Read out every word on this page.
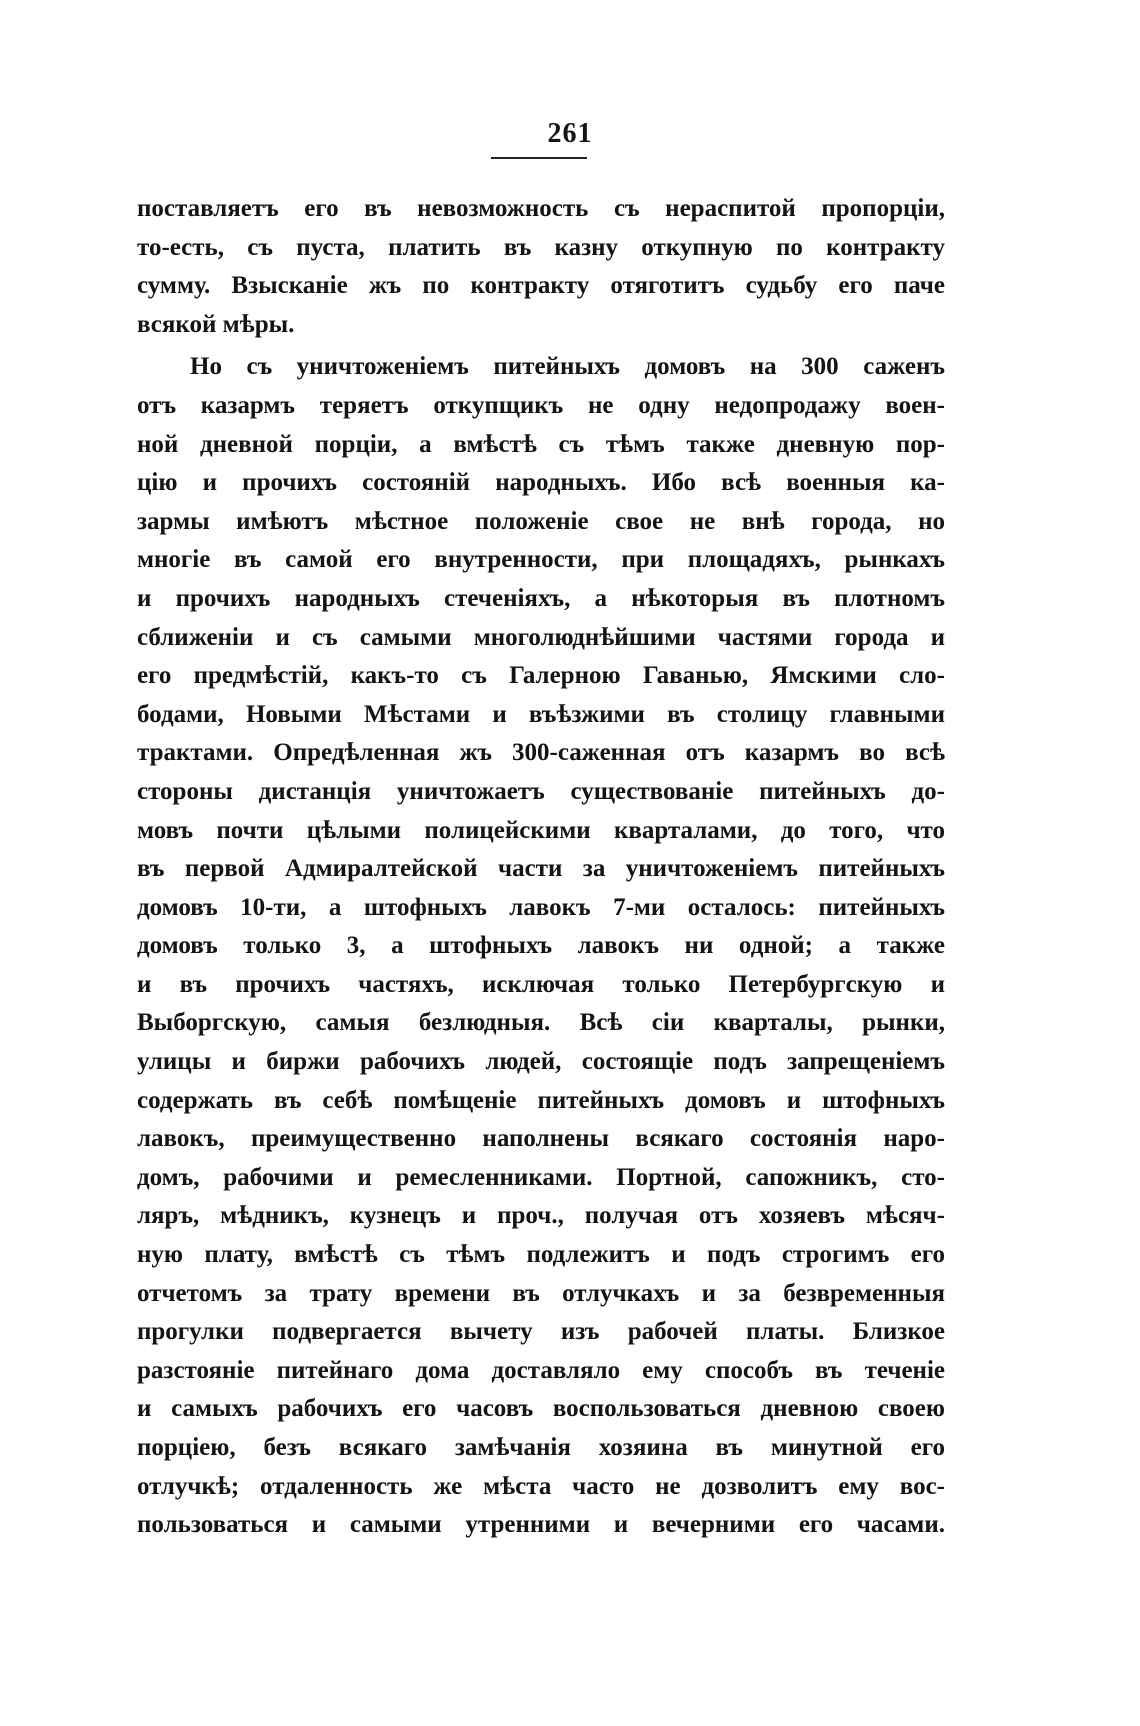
261
поставляетъ его въ невозможность съ нераспитой пропорціи,
то-есть, съ пуста, платить въ казну откупную по контракту
сумму. Взысканіе жъ по контракту отяготитъ судьбу его паче
всякой мѣры.
Но съ уничтоженіемъ питейныхъ домовъ на 300 саженъ
отъ казармъ теряетъ откупщикъ не одну недопродажу воен-
ной дневной порціи, а вмѣстѣ съ тѣмъ также дневную пор-
цію и прочихъ состояній народныхъ. Ибо всѣ военныя ка-
зармы имѣютъ мѣстное положеніе свое не внѣ города, но
многіе въ самой его внутренности, при площадяхъ, рынкахъ
и прочихъ народныхъ стеченіяхъ, а нѣкоторыя въ плотномъ
сближеніи и съ самыми многолюднѣйшими частями города и
его предмѣстій, какъ-то съ Галерною Гаванью, Ямскими сло-
бодами, Новыми Мѣстами и въѣзжими въ столицу главными
трактами. Опредѣленная жъ 300-саженная отъ казармъ во всѣ
стороны дистанція уничтожаетъ существованіе питейныхъ до-
мовъ почти цѣлыми полицейскими кварталами, до того, что
въ первой Адмиралтейской части за уничтоженіемъ питейныхъ
домовъ 10-ти, а штофныхъ лавокъ 7-ми осталось: питейныхъ
домовъ только 3, а штофныхъ лавокъ ни одной; а также
и въ прочихъ частяхъ, исключая только Петербургскую и
Выборгскую, самыя безлюдныя. Всѣ сіи кварталы, рынки,
улицы и биржи рабочихъ людей, состоящіе подъ запрещеніемъ
содержать въ себѣ помѣщеніе питейныхъ домовъ и штофныхъ
лавокъ, преимущественно наполнены всякаго состоянія наро-
домъ, рабочими и ремесленниками. Портной, сапожникъ, сто-
ляръ, мѣдникъ, кузнецъ и проч., получая отъ хозяевъ мѣсяч-
ную плату, вмѣстѣ съ тѣмъ подлежитъ и подъ строгимъ его
отчетомъ за трату времени въ отлучкахъ и за безвременныя
прогулки подвергается вычету изъ рабочей платы. Близкое
разстояніе питейнаго дома доставляло ему способъ въ теченіе
и самыхъ рабочихъ его часовъ воспользоваться дневною своею
порціею, безъ всякаго замѣчанія хозяина въ минутной его
отлучкѣ; отдаленность же мѣста часто не дозволитъ ему вос-
пользоваться и самыми утренними и вечерними его часами.
